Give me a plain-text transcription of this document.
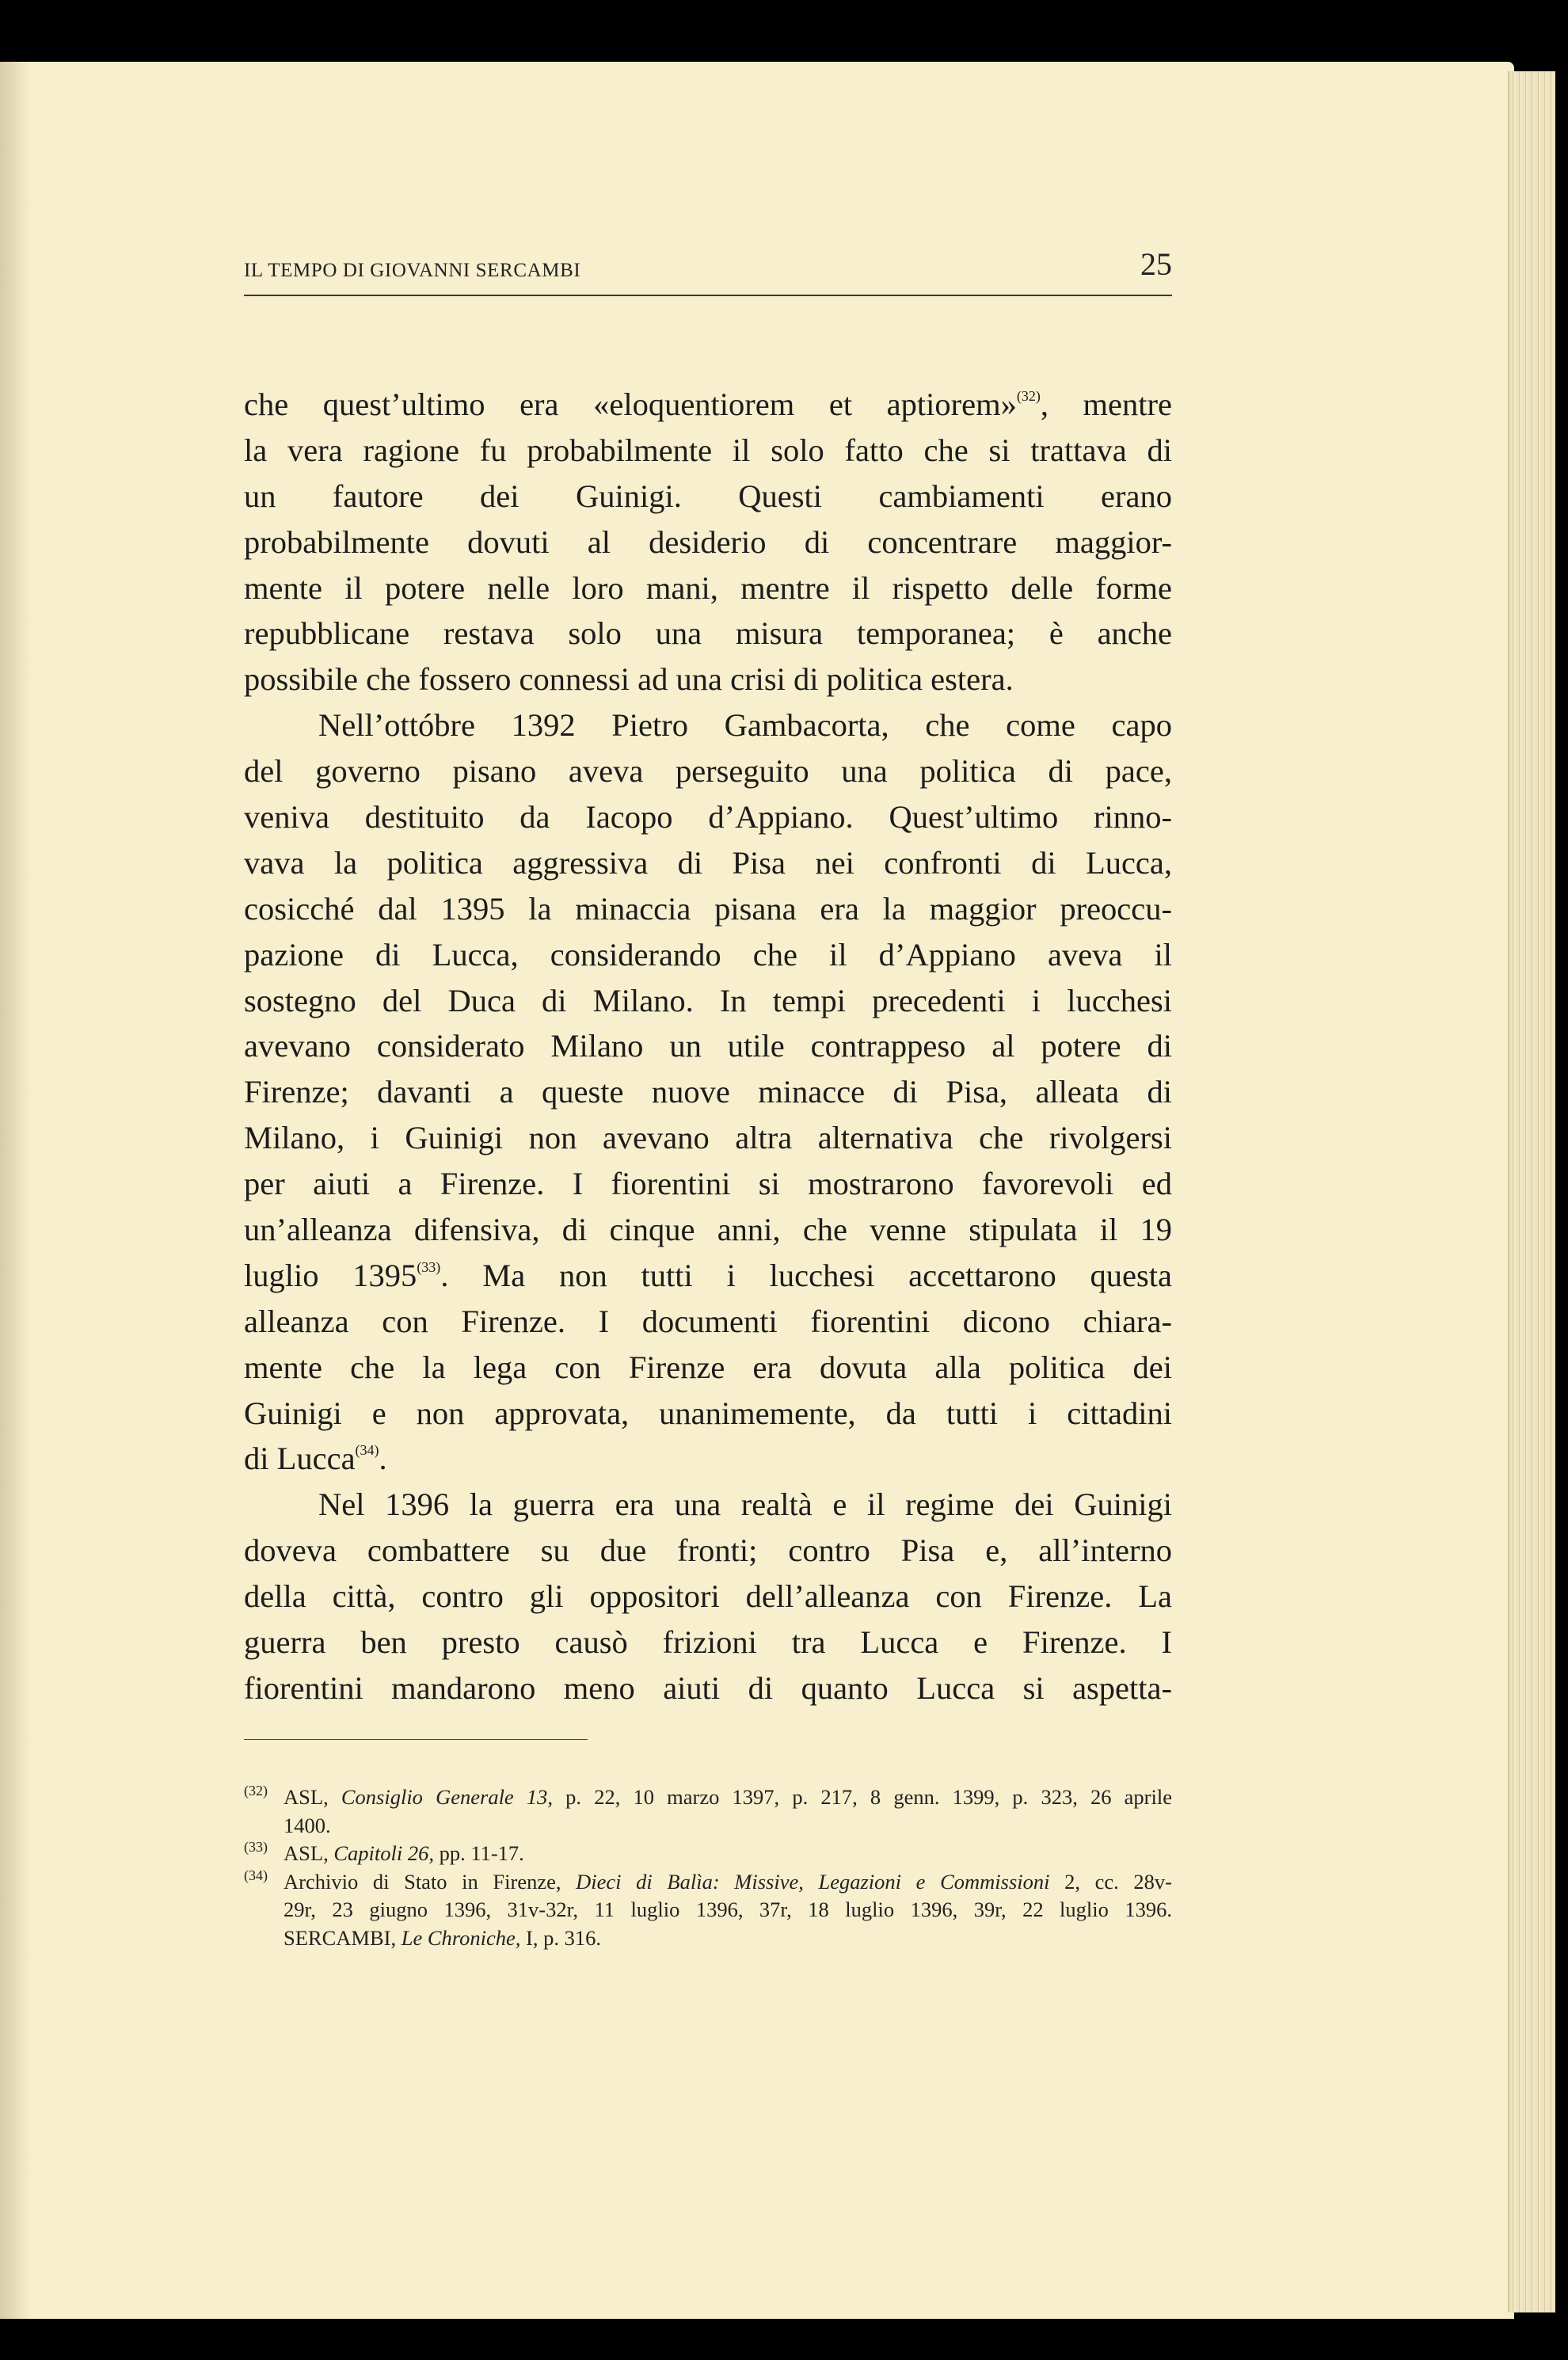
IL TEMPO DI GIOVANNI SERCAMBI	25
che quest’ultimo era «eloquentiorem et aptiorem»$^{(32)}$, mentre
la vera ragione fu probabilmente il solo fatto che si trattava di
un fautore dei Guinigi. Questi cambiamenti erano
probabilmente dovuti al desiderio di concentrare maggior-
mente il potere nelle loro mani, mentre il rispetto delle forme
repubblicane restava solo una misura temporanea; è anche
possibile che fossero connessi ad una crisi di politica estera.
Nell’ottóbre 1392 Pietro Gambacorta, che come capo
del governo pisano aveva perseguito una politica di pace,
veniva destituito da Iacopo d’Appiano. Quest’ultimo rinno-
vava la politica aggressiva di Pisa nei confronti di Lucca,
cosicché dal 1395 la minaccia pisana era la maggior preoccu-
pazione di Lucca, considerando che il d’Appiano aveva il
sostegno del Duca di Milano. In tempi precedenti i lucchesi
avevano considerato Milano un utile contrappeso al potere di
Firenze; davanti a queste nuove minacce di Pisa, alleata di
Milano, i Guinigi non avevano altra alternativa che rivolgersi
per aiuti a Firenze. I fiorentini si mostrarono favorevoli ed
un’alleanza difensiva, di cinque anni, che venne stipulata il 19
luglio 1395$^{(33)}$. Ma non tutti i lucchesi accettarono questa
alleanza con Firenze. I documenti fiorentini dicono chiara-
mente che la lega con Firenze era dovuta alla politica dei
Guinigi e non approvata, unanimemente, da tutti i cittadini
di Lucca$^{(34)}$.
Nel 1396 la guerra era una realtà e il regime dei Guinigi
doveva combattere su due fronti; contro Pisa e, all’interno
della città, contro gli oppositori dell’alleanza con Firenze. La
guerra ben presto causò frizioni tra Lucca e Firenze. I
fiorentini mandarono meno aiuti di quanto Lucca si aspetta-
(32) ASL, Consiglio Generale 13, p. 22, 10 marzo 1397, p. 217, 8 genn. 1399, p. 323, 26 aprile
1400.
(33) ASL, Capitoli 26, pp. 11-17.
(34) Archivio di Stato in Firenze, Dieci di Balìa: Missive, Legazioni e Commissioni 2, cc. 28v-
29r, 23 giugno 1396, 31v-32r, 11 luglio 1396, 37r, 18 luglio 1396, 39r, 22 luglio 1396.
SERCAMBI, Le Chroniche, I, p. 316.
